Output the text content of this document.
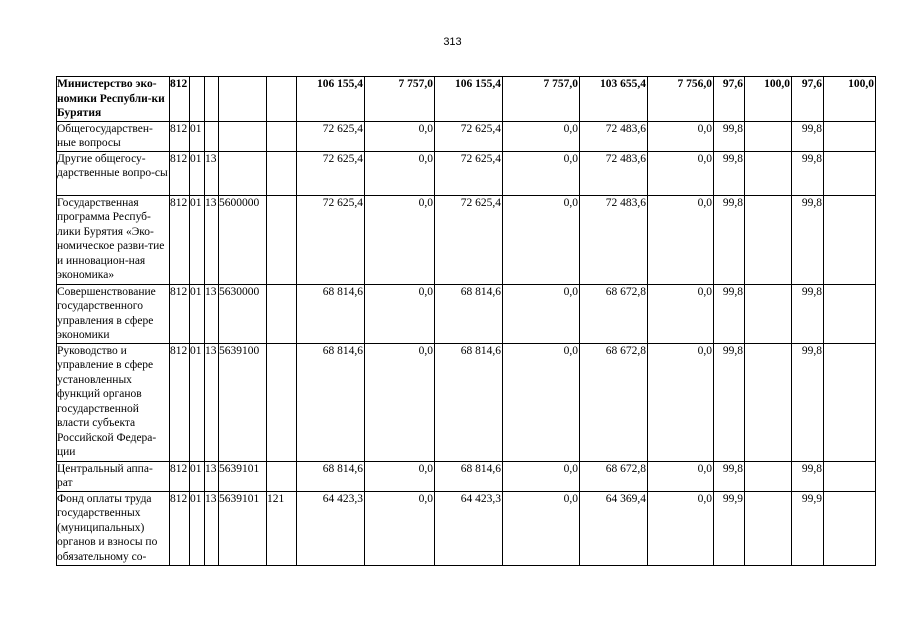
313
Министерство эко-номики Республи-ки Бурятия	812					106 155,4	7 757,0	106 155,4	7 757,0	103 655,4	7 756,0	97,6	100,0	97,6	100,0
Общегосударствен-ные вопросы	812	01				72 625,4	0,0	72 625,4	0,0	72 483,6	0,0	99,8		99,8	
Другие общегосу-дарственные вопро-сы	812	01	13			72 625,4	0,0	72 625,4	0,0	72 483,6	0,0	99,8		99,8	
Государственная программа Респуб-лики Бурятия «Эко-номическое разви-тие и инновацион-ная экономика»	812	01	13	5600000		72 625,4	0,0	72 625,4	0,0	72 483,6	0,0	99,8		99,8	
Совершенствование государственного управления в сфере экономики	812	01	13	5630000		68 814,6	0,0	68 814,6	0,0	68 672,8	0,0	99,8		99,8	
Руководство и управление в сфере установленных функций органов государственной власти субъекта Российской Федера-ции	812	01	13	5639100		68 814,6	0,0	68 814,6	0,0	68 672,8	0,0	99,8		99,8	
Центральный аппа-рат	812	01	13	5639101		68 814,6	0,0	68 814,6	0,0	68 672,8	0,0	99,8		99,8	
Фонд оплаты труда государственных (муниципальных) органов и взносы по обязательному со-	812	01	13	5639101	121	64 423,3	0,0	64 423,3	0,0	64 369,4	0,0	99,9		99,9	
